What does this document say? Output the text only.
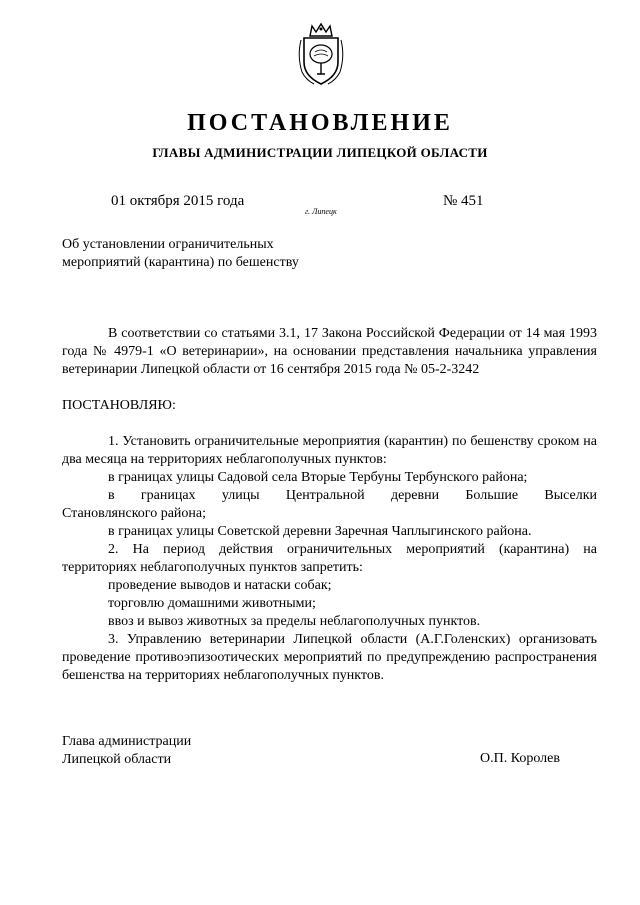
ПОСТАНОВЛЕНИЕ
ГЛАВЫ АДМИНИСТРАЦИИ ЛИПЕЦКОЙ ОБЛАСТИ
01 октября 2015 года
г. Липецк
№ 451

Об установлении ограничительных

мероприятий (карантина) по бешенству

В соответствии со статьями 3.1, 17 Закона Российской Федерации от 14 мая 1993 года № 4979-1 «О ветеринарии», на основании представления начальника управления ветеринарии Липецкой области от 16 сентября 2015 года № 05-2-3242
ПОСТАНОВЛЯЮ:

1. Установить ограничительные мероприятия (карантин) по бешенству сроком на два месяца на территориях неблагополучных пунктов:

в границах улицы Садовой села Вторые Тербуны Тербунского района;

в границах улицы Центральной деревни Большие Выселки

Становлянского района;

в границах улицы Советской деревни Заречная Чаплыгинского района.

2. На период действия ограничительных мероприятий (карантина) на территориях неблагополучных пунктов запретить:

проведение выводов и натаски собак;

торговлю домашними животными;

ввоз и вывоз животных за пределы неблагополучных пунктов.

3. Управлению ветеринарии Липецкой области (А.Г.Голенских) организовать проведение противоэпизоотических мероприятий по предупреждению распространения бешенства на территориях неблагополучных пунктов.

Глава администрации

Липецкой области	О.П. Королев
